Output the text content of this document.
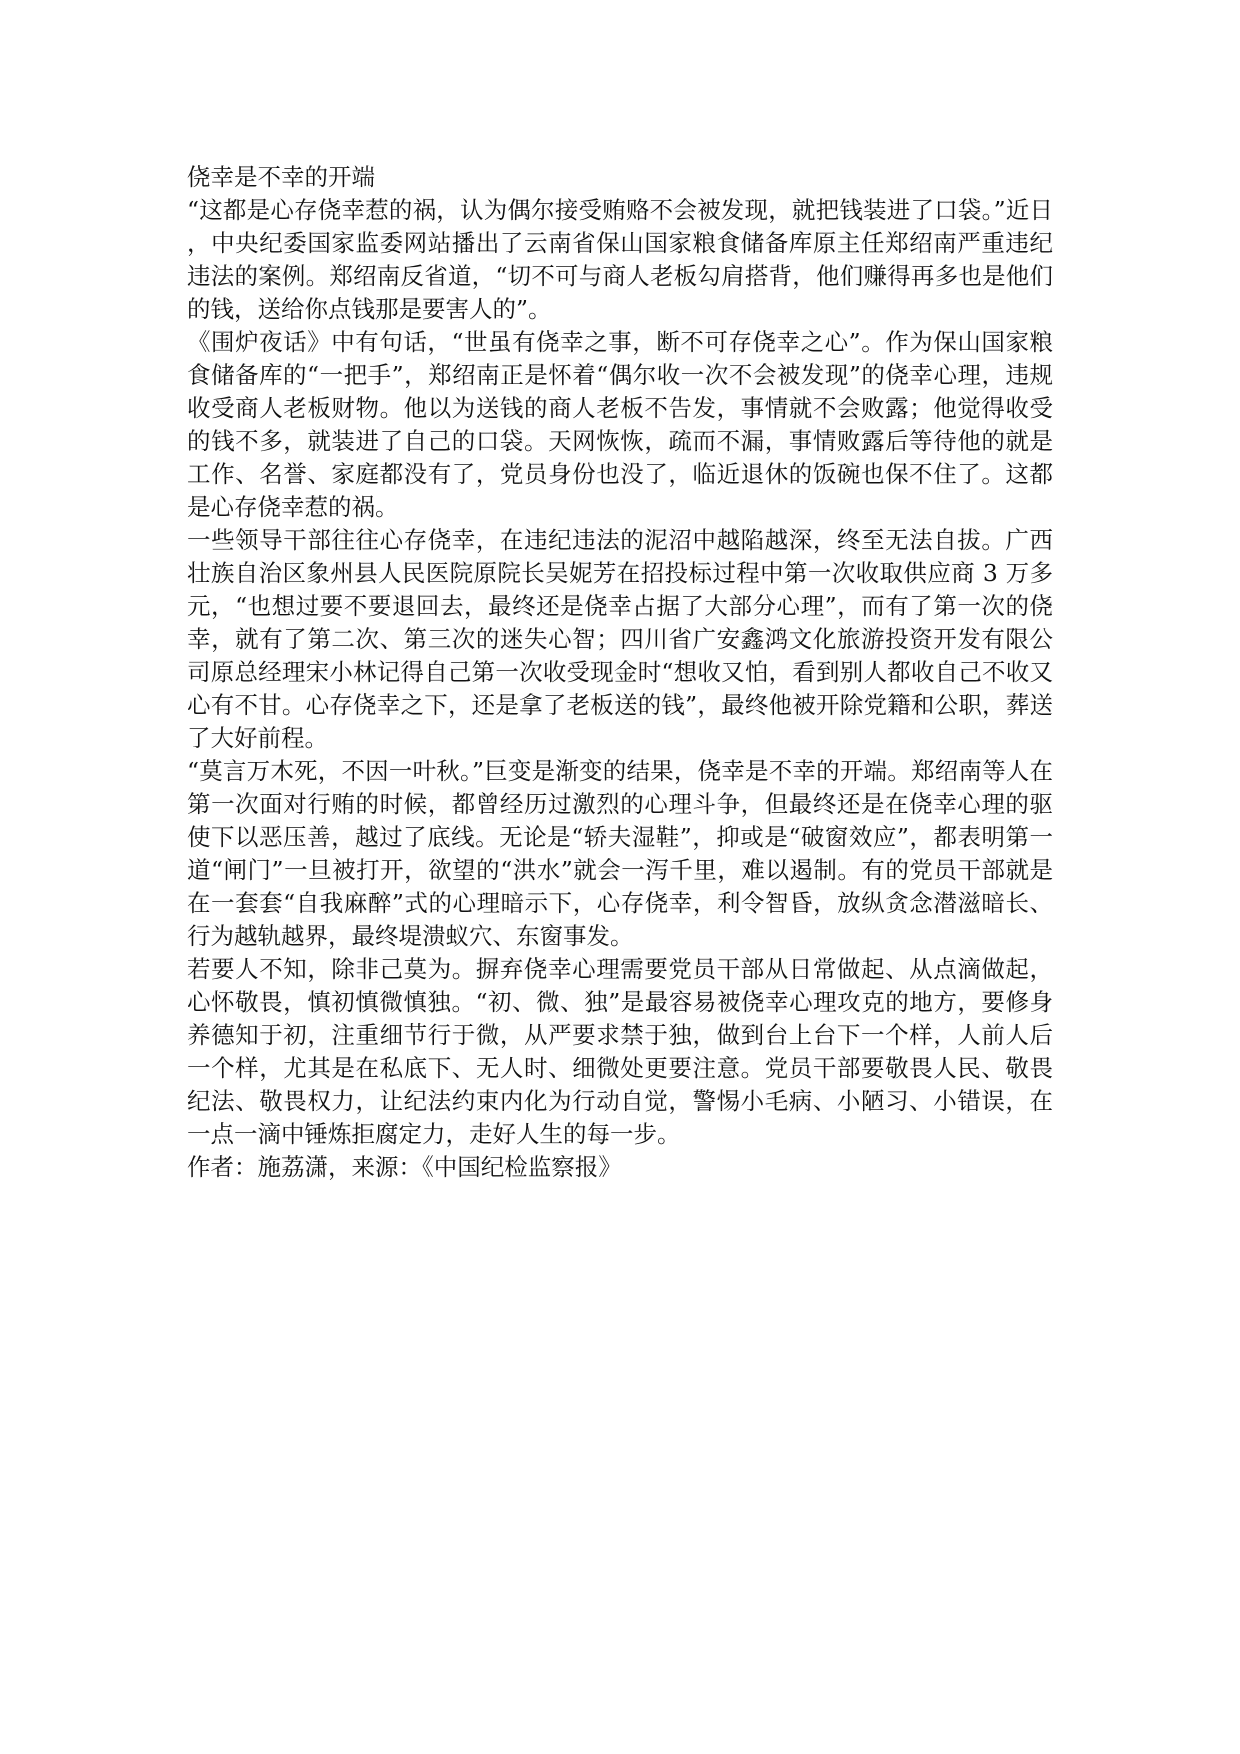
侥幸是不幸的开端

“这都是心存侥幸惹的祸，认为偶尔接受贿赂不会被发现，就把钱装进了口袋。”近日，中央纪委国家监委网站播出了云南省保山国家粮食储备库原主任郑绍南严重违纪违法的案例。郑绍南反省道，“切不可与商人老板勾肩搭背，他们赚得再多也是他们的钱，送给你点钱那是要害人的”。

《围炉夜话》中有句话，“世虽有侥幸之事，断不可存侥幸之心”。作为保山国家粮食储备库的“一把手”，郑绍南正是怀着“偶尔收一次不会被发现”的侥幸心理，违规收受商人老板财物。他以为送钱的商人老板不告发，事情就不会败露；他觉得收受的钱不多，就装进了自己的口袋。天网恢恢，疏而不漏，事情败露后等待他的就是工作、名誉、家庭都没有了，党员身份也没了，临近退休的饭碗也保不住了。这都是心存侥幸惹的祸。

一些领导干部往往心存侥幸，在违纪违法的泥沼中越陷越深，终至无法自拔。广西壮族自治区象州县人民医院原院长吴妮芳在招投标过程中第一次收取供应商 3 万多元，“也想过要不要退回去，最终还是侥幸占据了大部分心理”，而有了第一次的侥幸，就有了第二次、第三次的迷失心智；四川省广安鑫鸿文化旅游投资开发有限公司原总经理宋小林记得自己第一次收受现金时“想收又怕，看到别人都收自己不收又心有不甘。心存侥幸之下，还是拿了老板送的钱”，最终他被开除党籍和公职，葬送了大好前程。

“莫言万木死，不因一叶秋。”巨变是渐变的结果，侥幸是不幸的开端。郑绍南等人在第一次面对行贿的时候，都曾经历过激烈的心理斗争，但最终还是在侥幸心理的驱使下以恶压善，越过了底线。无论是“轿夫湿鞋”，抑或是“破窗效应”，都表明第一道“闸门”一旦被打开，欲望的“洪水”就会一泻千里，难以遏制。有的党员干部就是在一套套“自我麻醉”式的心理暗示下，心存侥幸，利令智昏，放纵贪念潜滋暗长、行为越轨越界，最终堤溃蚁穴、东窗事发。

若要人不知，除非己莫为。摒弃侥幸心理需要党员干部从日常做起、从点滴做起，心怀敬畏，慎初慎微慎独。“初、微、独”是最容易被侥幸心理攻克的地方，要修身养德知于初，注重细节行于微，从严要求禁于独，做到台上台下一个样，人前人后一个样，尤其是在私底下、无人时、细微处更要注意。党员干部要敬畏人民、敬畏纪法、敬畏权力，让纪法约束内化为行动自觉，警惕小毛病、小陋习、小错误，在一点一滴中锤炼拒腐定力，走好人生的每一步。

作者：施荔潇，来源：《中国纪检监察报》
